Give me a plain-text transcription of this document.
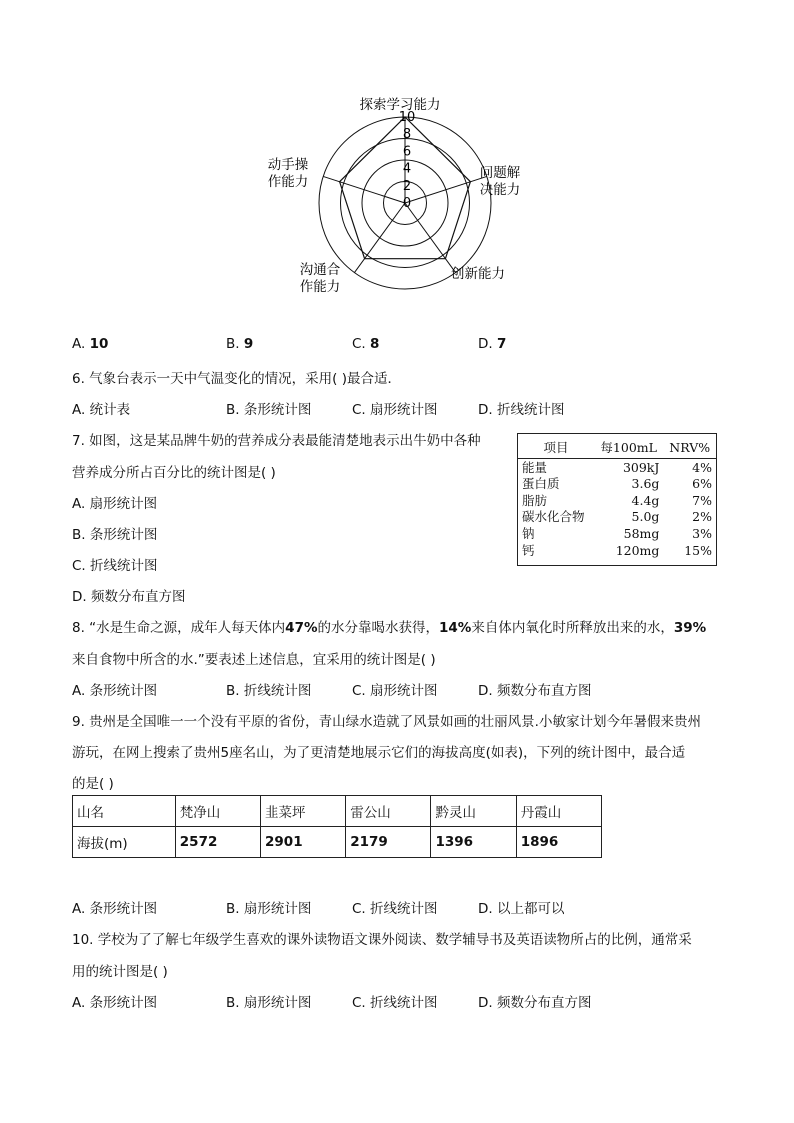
0
2
4
6
8
10
探索学习能力
问题解
决能力
创新能力
沟通合
作能力
动手操
作能力
A. 10	B. 9	C. 8	D. 7
6. 气象台表示一天中气温变化的情况，采用( )最合适．
A. 统计表	B. 条形统计图	C. 扇形统计图	D. 折线统计图
7. 如图，这是某品牌牛奶的营养成分表最能清楚地表示出牛奶中各种
营养成分所占百分比的统计图是( )
A. 扇形统计图
B. 条形统计图
C. 折线统计图
D. 频数分布直方图
项目	每100mL	NRV%
能量	309kJ	4%
蛋白质	3.6g	6%
脂肪	4.4g	7%
碳水化合物	5.0g	2%
钠	58mg	3%
钙	120mg	15%
8. “水是生命之源，成年人每天体内47%的水分靠喝水获得，14%来自体内氧化时所释放出来的水，39%
来自食物中所含的水.”要表述上述信息，宜采用的统计图是( )
A. 条形统计图	B. 折线统计图	C. 扇形统计图	D. 频数分布直方图
9. 贵州是全国唯一一个没有平原的省份，青山绿水造就了风景如画的壮丽风景.小敏家计划今年暑假来贵州
游玩，在网上搜索了贵州5座名山，为了更清楚地展示它们的海拔高度(如表)，下列的统计图中，最合适
的是( )
山名	梵净山	韭菜坪	雷公山	黔灵山	丹霞山
海拔(m)	2572	2901	2179	1396	1896
A. 条形统计图	B. 扇形统计图	C. 折线统计图	D. 以上都可以
10. 学校为了了解七年级学生喜欢的课外读物语文课外阅读、数学辅导书及英语读物所占的比例，通常采
用的统计图是( )
A. 条形统计图	B. 扇形统计图	C. 折线统计图	D. 频数分布直方图
